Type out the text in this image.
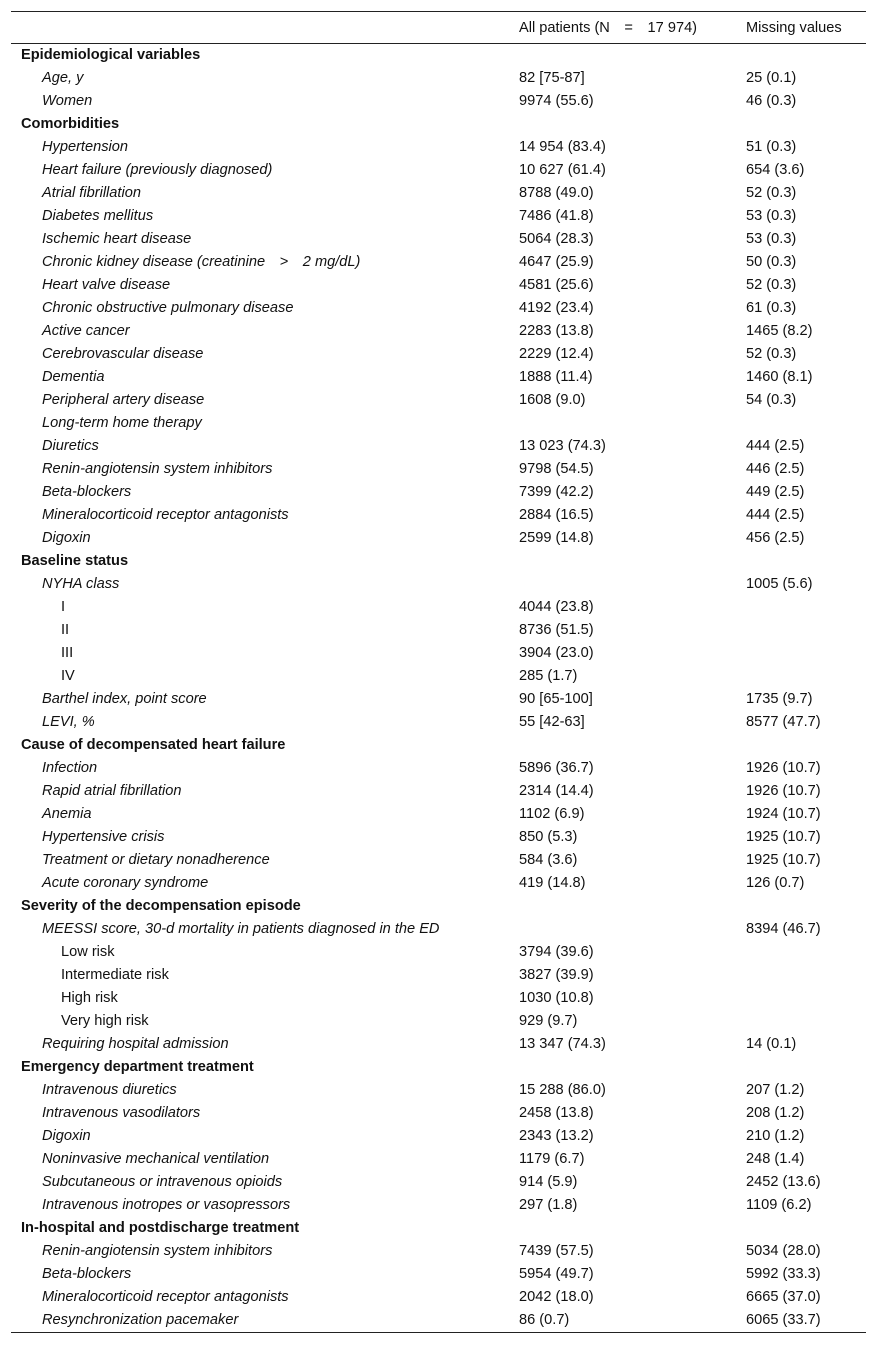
	All patients (N  =  17 974)	Missing values
Epidemiological variables		
Age, y	82 [75-87]	25 (0.1)
Women	9974 (55.6)	46 (0.3)
Comorbidities		
Hypertension	14 954 (83.4)	51 (0.3)
Heart failure (previously diagnosed)	10 627 (61.4)	654 (3.6)
Atrial fibrillation	8788 (49.0)	52 (0.3)
Diabetes mellitus	7486 (41.8)	53 (0.3)
Ischemic heart disease	5064 (28.3)	53 (0.3)
Chronic kidney disease (creatinine  >  2 mg/dL)	4647 (25.9)	50 (0.3)
Heart valve disease	4581 (25.6)	52 (0.3)
Chronic obstructive pulmonary disease	4192 (23.4)	61 (0.3)
Active cancer	2283 (13.8)	1465 (8.2)
Cerebrovascular disease	2229 (12.4)	52 (0.3)
Dementia	1888 (11.4)	1460 (8.1)
Peripheral artery disease	1608 (9.0)	54 (0.3)
Long-term home therapy		
Diuretics	13 023 (74.3)	444 (2.5)
Renin-angiotensin system inhibitors	9798 (54.5)	446 (2.5)
Beta-blockers	7399 (42.2)	449 (2.5)
Mineralocorticoid receptor antagonists	2884 (16.5)	444 (2.5)
Digoxin	2599 (14.8)	456 (2.5)
Baseline status		
NYHA class		1005 (5.6)
I	4044 (23.8)	
II	8736 (51.5)	
III	3904 (23.0)	
IV	285 (1.7)	
Barthel index, point score	90 [65-100]	1735 (9.7)
LEVI, %	55 [42-63]	8577 (47.7)
Cause of decompensated heart failure		
Infection	5896 (36.7)	1926 (10.7)
Rapid atrial fibrillation	2314 (14.4)	1926 (10.7)
Anemia	1102 (6.9)	1924 (10.7)
Hypertensive crisis	850 (5.3)	1925 (10.7)
Treatment or dietary nonadherence	584 (3.6)	1925 (10.7)
Acute coronary syndrome	419 (14.8)	126 (0.7)
Severity of the decompensation episode		
MEESSI score, 30-d mortality in patients diagnosed in the ED		8394 (46.7)
Low risk	3794 (39.6)	
Intermediate risk	3827 (39.9)	
High risk	1030 (10.8)	
Very high risk	929 (9.7)	
Requiring hospital admission	13 347 (74.3)	14 (0.1)
Emergency department treatment		
Intravenous diuretics	15 288 (86.0)	207 (1.2)
Intravenous vasodilators	2458 (13.8)	208 (1.2)
Digoxin	2343 (13.2)	210 (1.2)
Noninvasive mechanical ventilation	1179 (6.7)	248 (1.4)
Subcutaneous or intravenous opioids	914 (5.9)	2452 (13.6)
Intravenous inotropes or vasopressors	297 (1.8)	1109 (6.2)
In-hospital and postdischarge treatment		
Renin-angiotensin system inhibitors	7439 (57.5)	5034 (28.0)
Beta-blockers	5954 (49.7)	5992 (33.3)
Mineralocorticoid receptor antagonists	2042 (18.0)	6665 (37.0)
Resynchronization pacemaker	86 (0.7)	6065 (33.7)
